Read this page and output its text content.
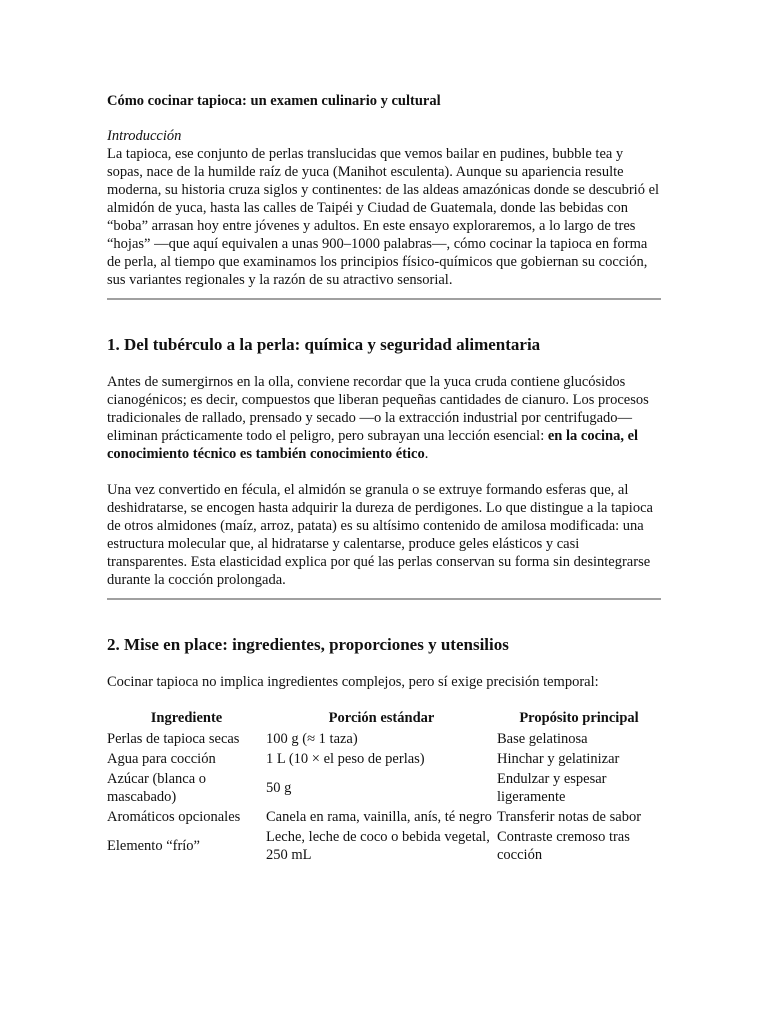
Cómo cocinar tapioca: un examen culinario y cultural

Introducción

La tapioca, ese conjunto de perlas translucidas que vemos bailar en pudines, bubble tea y sopas, nace de la humilde raíz de yuca (Manihot esculenta). Aunque su apariencia resulte moderna, su historia cruza siglos y continentes: de las aldeas amazónicas donde se descubrió el almidón de yuca, hasta las calles de Taipéi y Ciudad de Guatemala, donde las bebidas con “boba” arrasan hoy entre jóvenes y adultos. En este ensayo exploraremos, a lo largo de tres “hojas” —que aquí equivalen a unas 900–1000 palabras—, cómo cocinar la tapioca en forma de perla, al tiempo que examinamos los principios físico-químicos que gobiernan su cocción, sus variantes regionales y la razón de su atractivo sensorial.

1. Del tubérculo a la perla: química y seguridad alimentaria

Antes de sumergirnos en la olla, conviene recordar que la yuca cruda contiene glucósidos cianogénicos; es decir, compuestos que liberan pequeñas cantidades de cianuro. Los procesos tradicionales de rallado, prensado y secado —o la extracción industrial por centrifugado— eliminan prácticamente todo el peligro, pero subrayan una lección esencial: en la cocina, el conocimiento técnico es también conocimiento ético.

Una vez convertido en fécula, el almidón se granula o se extruye formando esferas que, al deshidratarse, se encogen hasta adquirir la dureza de perdigones. Lo que distingue a la tapioca de otros almidones (maíz, arroz, patata) es su altísimo contenido de amilosa modificada: una estructura molecular que, al hidratarse y calentarse, produce geles elásticos y casi transparentes. Esta elasticidad explica por qué las perlas conservan su forma sin desintegrarse durante la cocción prolongada.

2. Mise en place: ingredientes, proporciones y utensilios

Cocinar tapioca no implica ingredientes complejos, pero sí exige precisión temporal:

Ingrediente	Porción estándar	Propósito principal
Perlas de tapioca secas	100 g (≈ 1 taza)	Base gelatinosa
Agua para cocción	1 L (10 × el peso de perlas)	Hinchar y gelatinizar
Azúcar (blanca o mascabado)	50 g	Endulzar y espesar ligeramente
Aromáticos opcionales	Canela en rama, vainilla, anís, té negro	Transferir notas de sabor
Elemento “frío”	Leche, leche de coco o bebida vegetal, 250 mL	Contraste cremoso tras cocción
